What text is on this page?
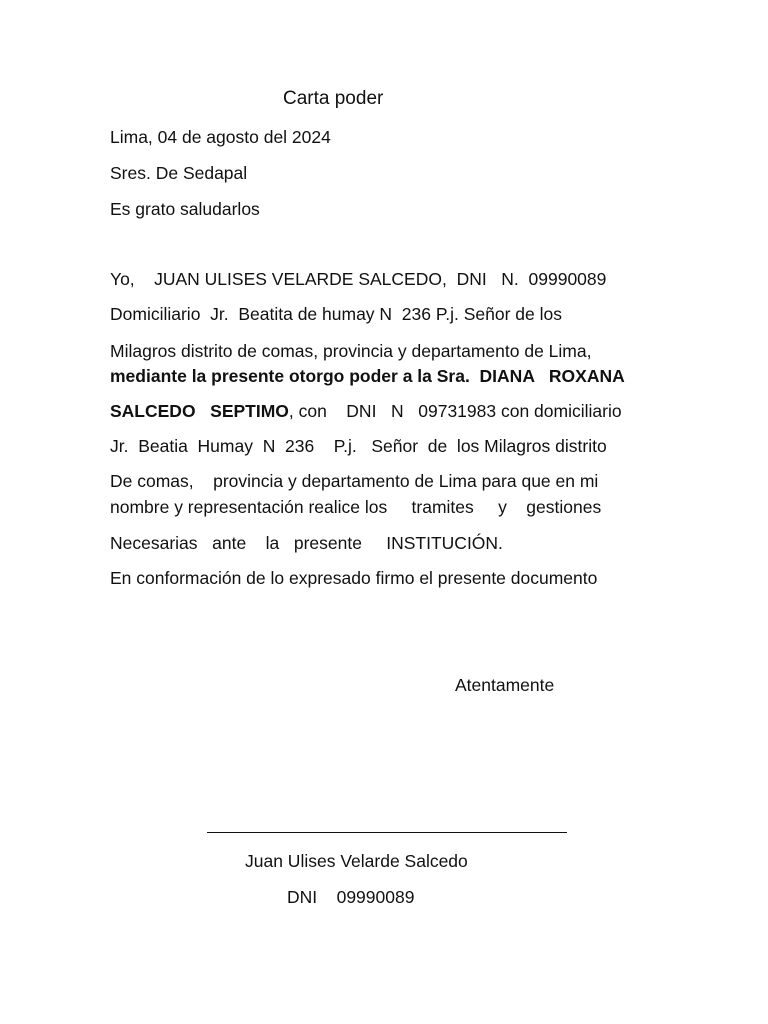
Carta poder
Lima, 04 de agosto del 2024
Sres. De Sedapal
Es grato saludarlos
Yo,    JUAN ULISES VELARDE SALCEDO,  DNI   N.  09990089
Domiciliario  Jr.  Beatita de humay N  236 P.j. Señor de los
Milagros distrito de comas, provincia y departamento de Lima,
mediante la presente otorgo poder a la Sra.  DIANA   ROXANA
SALCEDO   SEPTIMO, con    DNI   N   09731983 con domiciliario
Jr.  Beatia  Humay  N  236    P.j.   Señor  de  los Milagros distrito
De comas,    provincia y departamento de Lima para que en mi
nombre y representación realice los     tramites     y    gestiones
Necesarias   ante    la   presente     INSTITUCIÓN.
En conformación de lo expresado firmo el presente documento
Atentamente
Juan Ulises Velarde Salcedo
DNI    09990089
